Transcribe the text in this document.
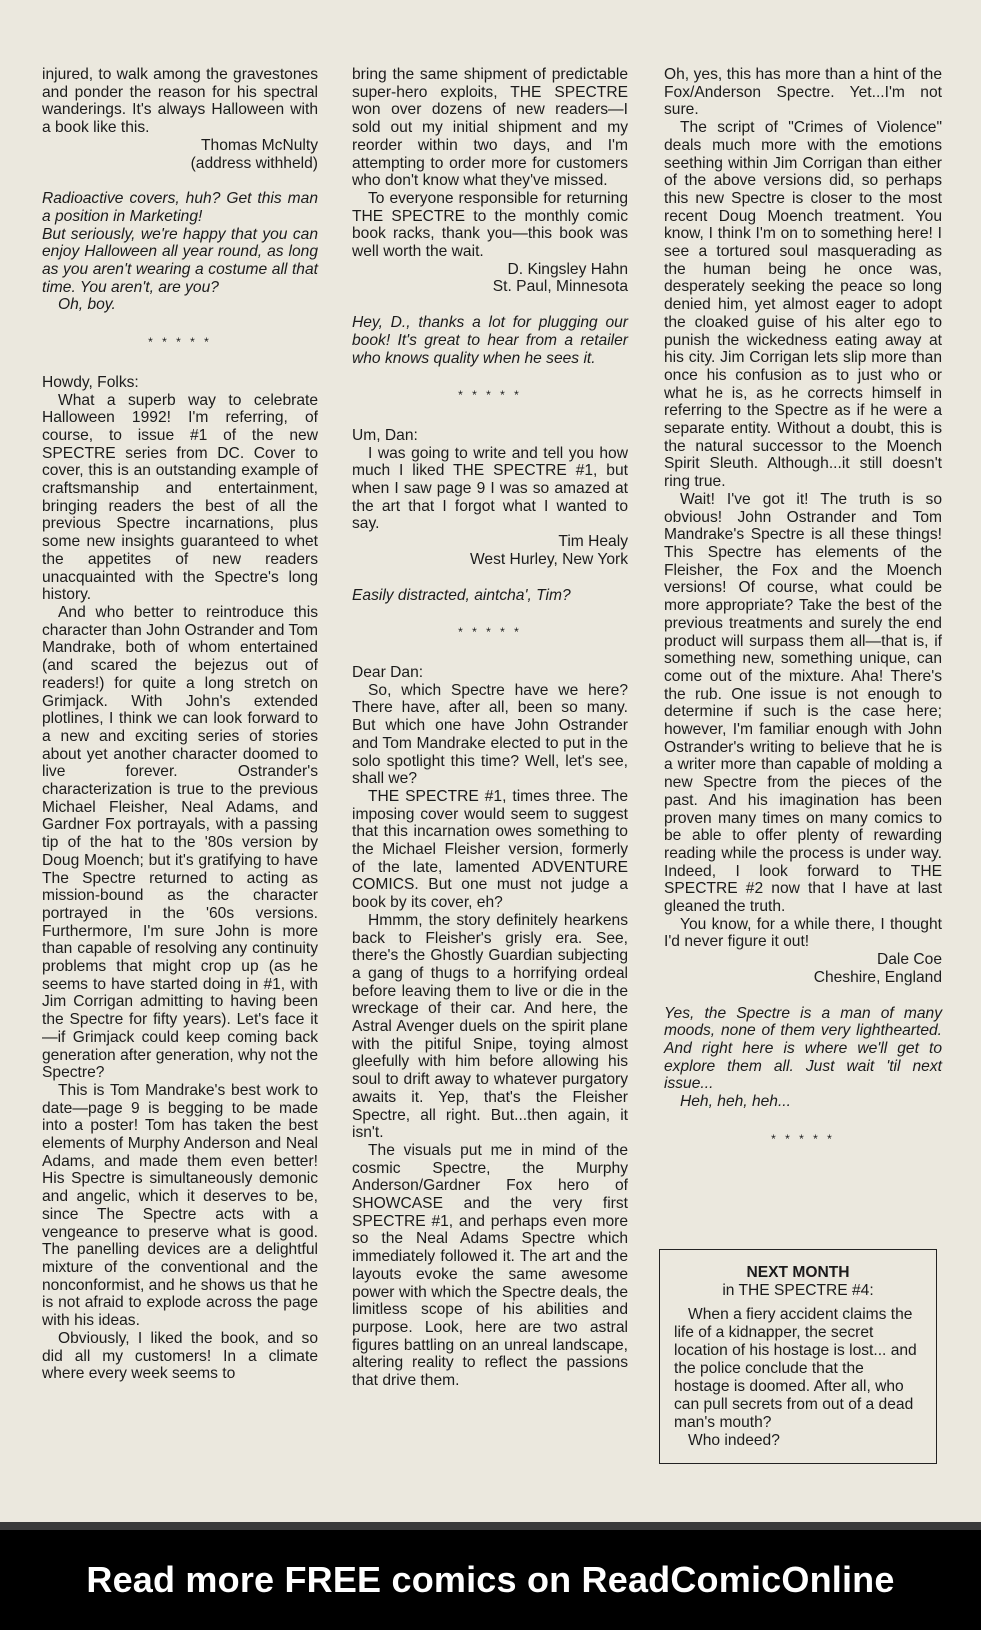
injured, to walk among the gravestones and ponder the reason for his spectral wanderings. It's always Halloween with a book like this.

Thomas McNulty
(address withheld)

Radioactive covers, huh? Get this man a position in Marketing!

But seriously, we're happy that you can enjoy Halloween all year round, as long as you aren't wearing a costume all that time. You aren't, are you?

Oh, boy.

* * * * *

Howdy, Folks:

What a superb way to celebrate Halloween 1992! I'm referring, of course, to issue #1 of the new SPECTRE series from DC. Cover to cover, this is an outstanding example of craftsmanship and entertainment, bringing readers the best of all the previous Spectre incarnations, plus some new insights guaranteed to whet the appetites of new readers unacquainted with the Spectre's long history.

And who better to reintroduce this character than John Ostrander and Tom Mandrake, both of whom entertained (and scared the bejezus out of readers!) for quite a long stretch on Grimjack. With John's extended plotlines, I think we can look forward to a new and exciting series of stories about yet another character doomed to live forever. Ostrander's characterization is true to the previous Michael Fleisher, Neal Adams, and Gardner Fox portrayals, with a passing tip of the hat to the '80s version by Doug Moench; but it's gratifying to have The Spectre returned to acting as mission-bound as the character portrayed in the '60s versions. Furthermore, I'm sure John is more than capable of resolving any continuity problems that might crop up (as he seems to have started doing in #1, with Jim Corrigan admitting to having been the Spectre for fifty years). Let's face it—if Grimjack could keep coming back generation after generation, why not the Spectre?

This is Tom Mandrake's best work to date—page 9 is begging to be made into a poster! Tom has taken the best elements of Murphy Anderson and Neal Adams, and made them even better! His Spectre is simultaneously demonic and angelic, which it deserves to be, since The Spectre acts with a vengeance to preserve what is good. The panelling devices are a delightful mixture of the conventional and the nonconformist, and he shows us that he is not afraid to explode across the page with his ideas.

Obviously, I liked the book, and so did all my customers! In a climate where every week seems to

bring the same shipment of predictable super-hero exploits, THE SPECTRE won over dozens of new readers—I sold out my initial shipment and my reorder within two days, and I'm attempting to order more for customers who don't know what they've missed.

To everyone responsible for returning THE SPECTRE to the monthly comic book racks, thank you—this book was well worth the wait.

D. Kingsley Hahn
St. Paul, Minnesota

Hey, D., thanks a lot for plugging our book! It's great to hear from a retailer who knows quality when he sees it.

* * * * *

Um, Dan:

I was going to write and tell you how much I liked THE SPECTRE #1, but when I saw page 9 I was so amazed at the art that I forgot what I wanted to say.

Tim Healy
West Hurley, New York

Easily distracted, aintcha', Tim?

* * * * *

Dear Dan:

So, which Spectre have we here? There have, after all, been so many. But which one have John Ostrander and Tom Mandrake elected to put in the solo spotlight this time? Well, let's see, shall we?

THE SPECTRE #1, times three. The imposing cover would seem to suggest that this incarnation owes something to the Michael Fleisher version, formerly of the late, lamented ADVENTURE COMICS. But one must not judge a book by its cover, eh?

Hmmm, the story definitely hearkens back to Fleisher's grisly era. See, there's the Ghostly Guardian subjecting a gang of thugs to a horrifying ordeal before leaving them to live or die in the wreckage of their car. And here, the Astral Avenger duels on the spirit plane with the pitiful Snipe, toying almost gleefully with him before allowing his soul to drift away to whatever purgatory awaits it. Yep, that's the Fleisher Spectre, all right. But...then again, it isn't.

The visuals put me in mind of the cosmic Spectre, the Murphy Anderson/Gardner Fox hero of SHOWCASE and the very first SPECTRE #1, and perhaps even more so the Neal Adams Spectre which immediately followed it. The art and the layouts evoke the same awesome power with which the Spectre deals, the limitless scope of his abilities and purpose. Look, here are two astral figures battling on an unreal landscape, altering reality to reflect the passions that drive them.

Oh, yes, this has more than a hint of the Fox/Anderson Spectre. Yet...I'm not sure.

The script of "Crimes of Violence" deals much more with the emotions seething within Jim Corrigan than either of the above versions did, so perhaps this new Spectre is closer to the most recent Doug Moench treatment. You know, I think I'm on to something here! I see a tortured soul masquerading as the human being he once was, desperately seeking the peace so long denied him, yet almost eager to adopt the cloaked guise of his alter ego to punish the wickedness eating away at his city. Jim Corrigan lets slip more than once his confusion as to just who or what he is, as he corrects himself in referring to the Spectre as if he were a separate entity. Without a doubt, this is the natural successor to the Moench Spirit Sleuth. Although...it still doesn't ring true.

Wait! I've got it! The truth is so obvious! John Ostrander and Tom Mandrake's Spectre is all these things! This Spectre has elements of the Fleisher, the Fox and the Moench versions! Of course, what could be more appropriate? Take the best of the previous treatments and surely the end product will surpass them all—that is, if something new, something unique, can come out of the mixture. Aha! There's the rub. One issue is not enough to determine if such is the case here; however, I'm familiar enough with John Ostrander's writing to believe that he is a writer more than capable of molding a new Spectre from the pieces of the past. And his imagination has been proven many times on many comics to be able to offer plenty of rewarding reading while the process is under way. Indeed, I look forward to THE SPECTRE #2 now that I have at last gleaned the truth.

You know, for a while there, I thought I'd never figure it out!

Dale Coe
Cheshire, England

Yes, the Spectre is a man of many moods, none of them very lighthearted. And right here is where we'll get to explore them all. Just wait 'til next issue...

Heh, heh, heh...

* * * * *
NEXT MONTH
in THE SPECTRE #4:

When a fiery accident claims the life of a kidnapper, the secret location of his hostage is lost... and the police conclude that the hostage is doomed. After all, who can pull secrets from out of a dead man's mouth?

Who indeed?

Read more FREE comics on ReadComicOnline
